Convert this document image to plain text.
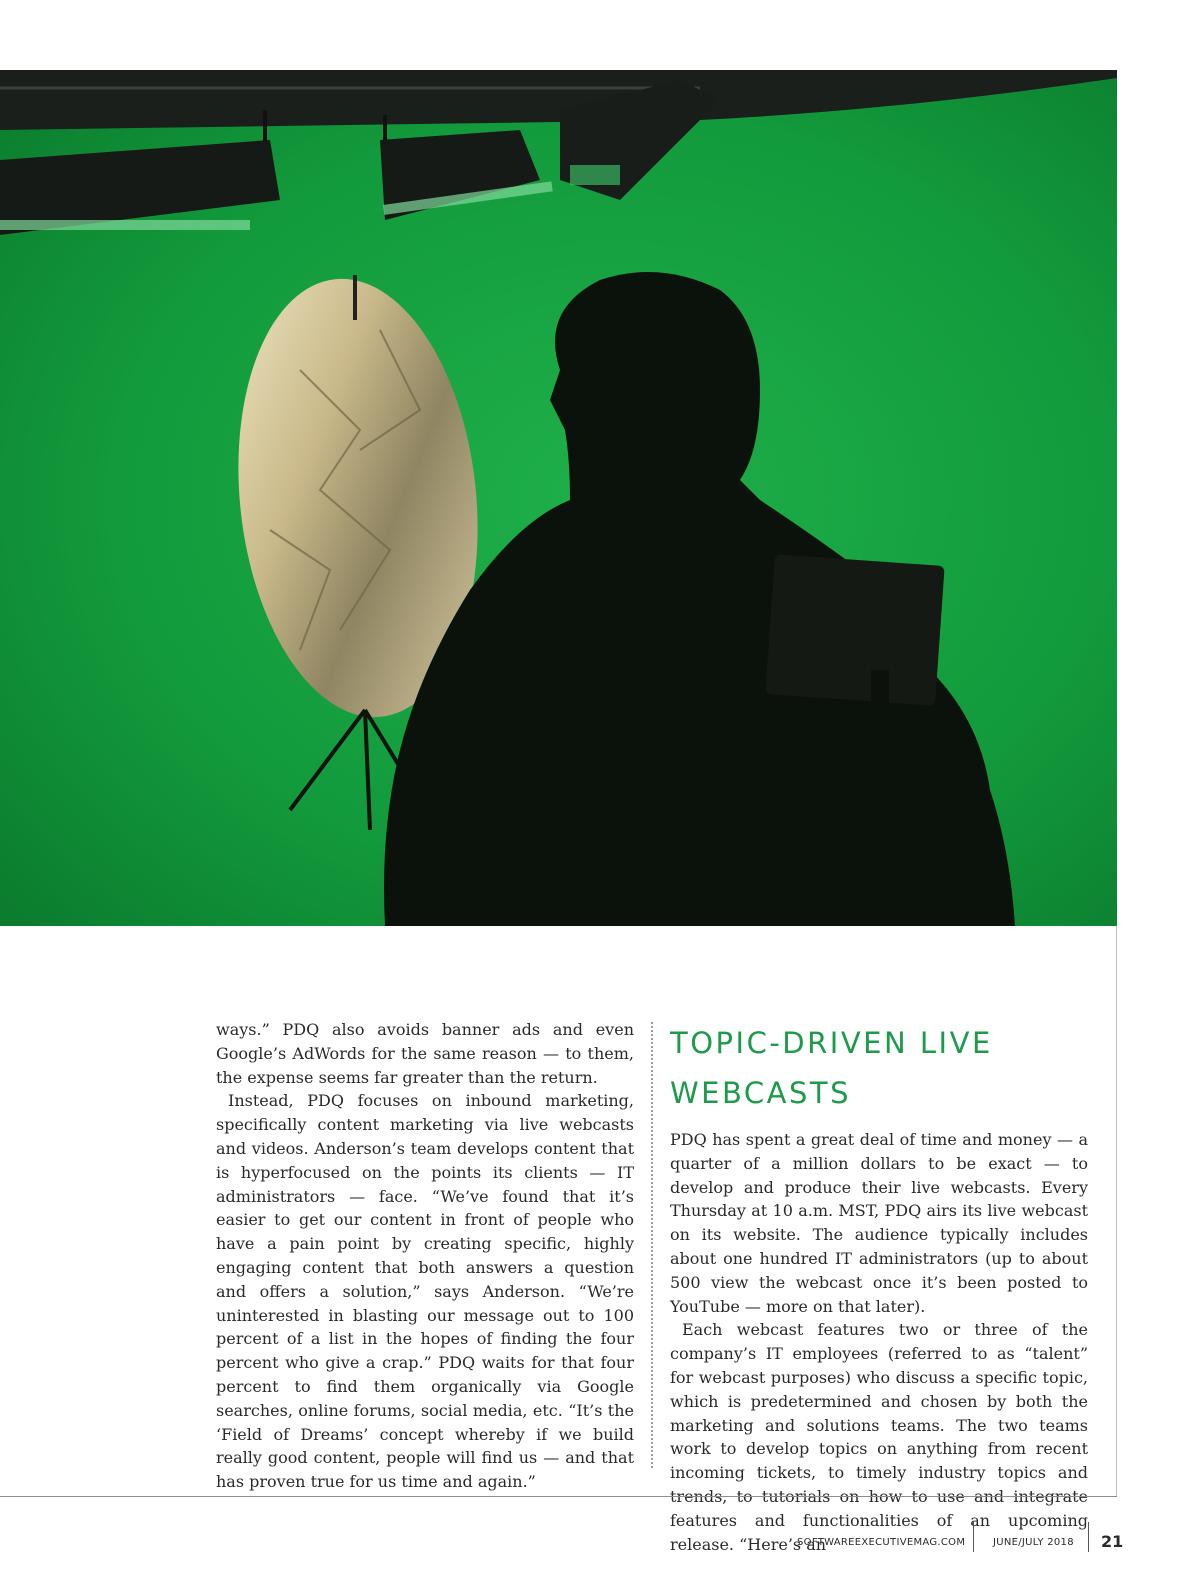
ways.” PDQ also avoids banner ads and even Google’s AdWords for the same reason — to them, the expense seems far greater than the return.

Instead, PDQ focuses on inbound marketing, specifically content marketing via live webcasts and videos. Anderson’s team develops content that is hyperfocused on the points its clients — IT administrators — face. “We’ve found that it’s easier to get our content in front of people who have a pain point by creating specific, highly engaging content that both answers a question and offers a solution,” says Anderson. “We’re uninterested in blasting our message out to 100 percent of a list in the hopes of finding the four percent who give a crap.” PDQ waits for that four percent to find them organically via Google searches, online forums, social media, etc. “It’s the ‘Field of Dreams’ concept whereby if we build really good content, people will find us — and that has proven true for us time and again.”

TOPIC-DRIVEN LIVE WEBCASTS

PDQ has spent a great deal of time and money — a quarter of a million dollars to be exact — to develop and produce their live webcasts. Every Thursday at 10 a.m. MST, PDQ airs its live webcast on its website. The audience typically includes about one hundred IT administrators (up to about 500 view the webcast once it’s been posted to YouTube — more on that later).

Each webcast features two or three of the company’s IT employees (referred to as “talent” for webcast purposes) who discuss a specific topic, which is predetermined and chosen by both the marketing and solutions teams. The two teams work to develop topics on anything from recent incoming tickets, to timely industry topics and trends, to tutorials on how to use and integrate features and functionalities of an upcoming release. “Here’s an

SOFTWAREEXECUTIVEMAG.COM	JUNE/JULY 2018 21
